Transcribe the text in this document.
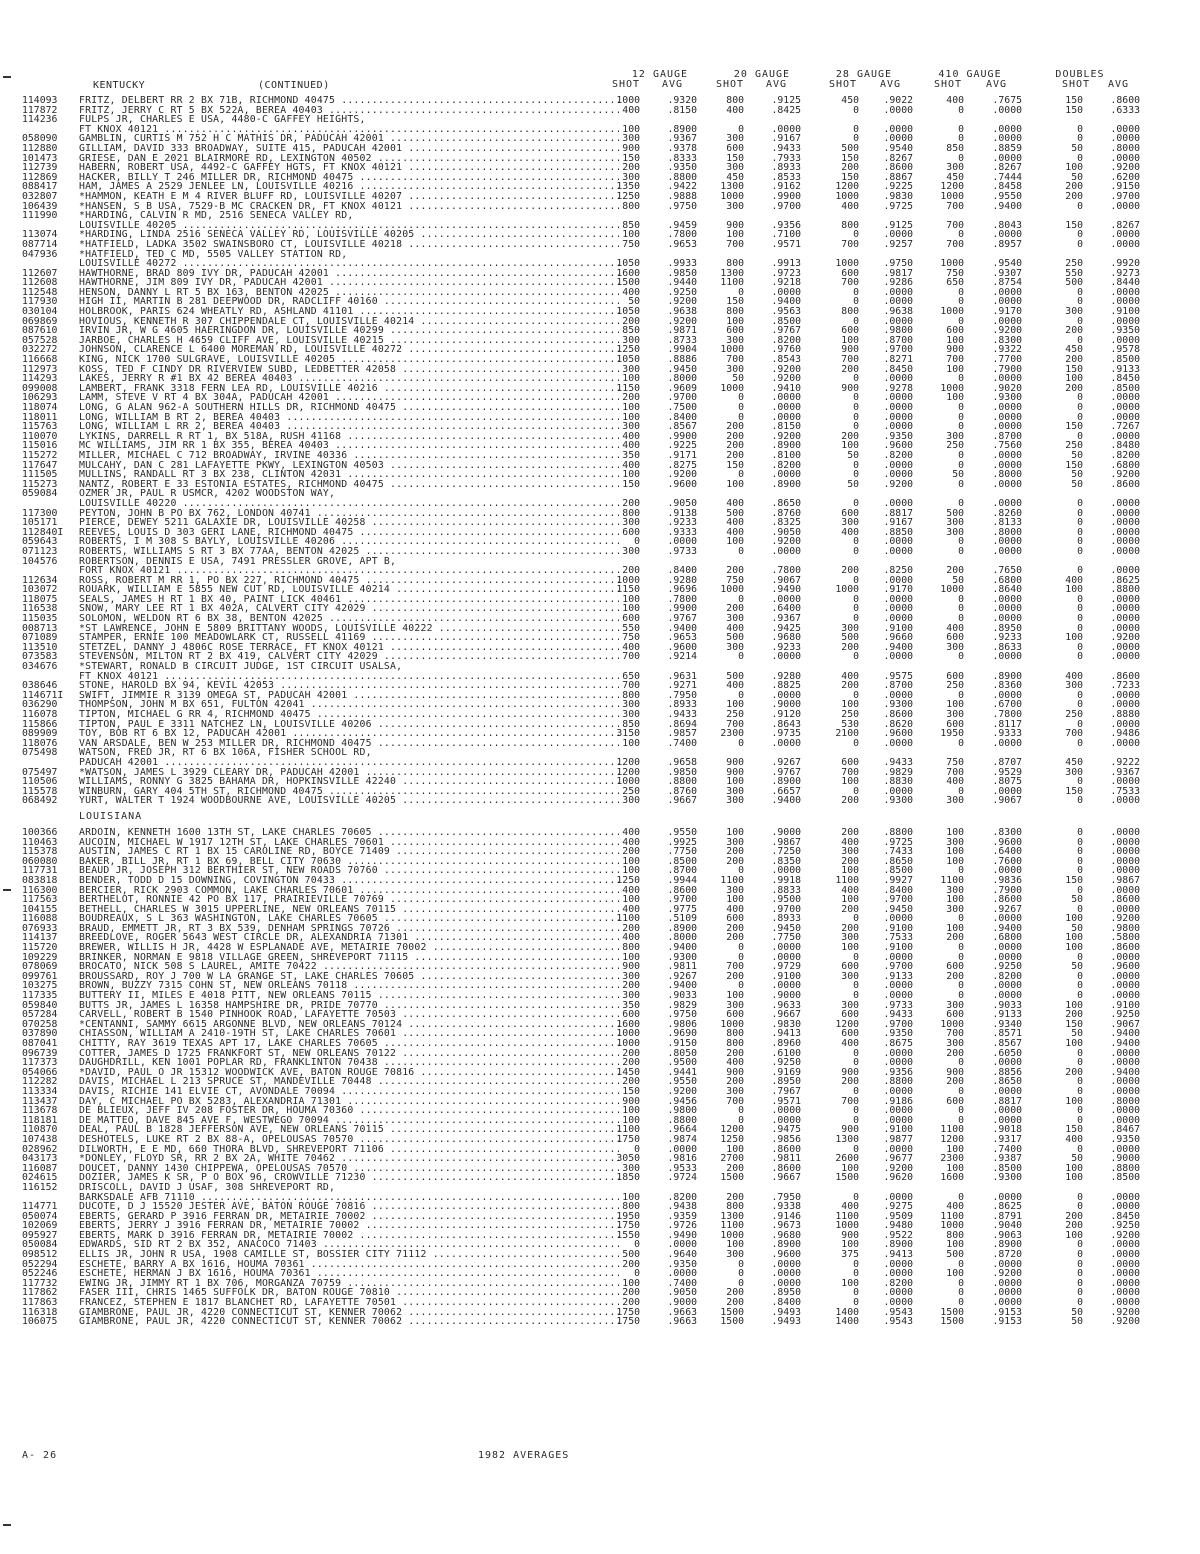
KENTUCKY	(CONTINUED)
12 GAUGE	20 GAUGE	28 GAUGE	410 GAUGE	DOUBLES
SHOT AVG	SHOT AVG	SHOT AVG	SHOT AVG	SHOT AVG
114093	FRITZ, DELBERT RR 2 BX 71B, RICHMOND 40475 .....	1000	.9320	800	.9125	450	.9022	400	.7675	150	.8600
117872	FRITZ, JERRY C RT 5 BX 522A, BEREA 40403 .....	400	.8150	400	.8425	0	.0000	0	.0000	150	.6333
114236	FULPS JR, CHARLES E USA, 4480-C GAFFEY HEIGHTS,
FT KNOX 40121 .....	100	.8900	0	.0000	0	.0000	0	.0000	0	.0000
058090	GAMBLIN, CURTIS M 752 H C MATHIS DR, PADUCAH 42001 .....	300	.9367	300	.9167	0	.0000	0	.0000	0	.0000
112880	GILLIAM, DAVID 333 BROADWAY, SUITE 415, PADUCAH 42001 .....	900	.9378	600	.9433	500	.9540	850	.8859	50	.8000
101473	GRIESE, DAN E 2021 BLAIRMORE RD, LEXINGTON 40502 .....	150	.8333	150	.7933	150	.8267	0	.0000	0	.0000
112739	HABERN, ROBERT USA, 4492-C GAFFEY HGTS, FT KNOX 40121 .....	200	.9350	300	.8933	200	.8600	300	.8267	100	.9200
112869	HACKER, BILLY T 246 MILLER DR, RICHMOND 40475 .....	300	.8800	450	.8533	150	.8867	450	.7444	50	.6200
088417	HAM, JAMES A 2529 JENLEE LN, LOUISVILLE 40216 .....	1350	.9422	1300	.9162	1200	.9225	1200	.8458	200	.9150
032807	*HAMMON, KEATH E M 4 RIVER BLUFF RD, LOUISVILLE 40207 .....	1250	.9888	1000	.9900	1000	.9830	1000	.9550	200	.9700
106439	*HANSEN, S B USA, 7529-B MC CRACKEN DR, FT KNOX 40121 .....	800	.9750	300	.9700	400	.9725	700	.9400	0	.0000
111990	*HARDING, CALVIN R MD, 2516 SENECA VALLEY RD,
LOUISVILLE 40205 .....	850	.9459	900	.9356	800	.9125	700	.8043	150	.8267
113074	*HARDING, LINDA 2516 SENECA VALLEY RD, LOUISVILLE 40205 .....	100	.7800	100	.7100	0	.0000	0	.0000	0	.0000
087714	*HATFIELD, LADKA 3502 SWAINSBORO CT, LOUISVILLE 40218 .....	750	.9653	700	.9571	700	.9257	700	.8957	0	.0000
047936	*HATFIELD, TED C MD, 5505 VALLEY STATION RD,
LOUISVILLE 40272 .....	1050	.9933	800	.9913	1000	.9750	1000	.9540	250	.9920
112607	HAWTHORNE, BRAD 809 IVY DR, PADUCAH 42001 .....	1600	.9850	1300	.9723	600	.9817	750	.9307	550	.9273
112608	HAWTHORNE, JIM 809 IVY DR, PADUCAH 42001 .....	1500	.9440	1100	.9218	700	.9286	650	.8754	500	.8440
112548	HENSON, DANNY L RT 5 BX 163, BENTON 42025 .....	400	.9250	0	.0000	0	.0000	0	.0000	0	.0000
117930	HIGH II, MARTIN B 281 DEEPWOOD DR, RADCLIFF 40160 .....	50	.9200	150	.9400	0	.0000	0	.0000	0	.0000
030104	HOLBROOK, PARIS 624 WHEATLY RD, ASHLAND 41101 .....	1050	.9638	800	.9563	800	.9638	1000	.9170	300	.9100
069869	HOVIOUS, KENNETH R 307 CHIPPENDALE CT, LOUISVILLE 40214 .....	200	.9200	100	.8500	0	.0000	0	.0000	0	.0000
087610	IRVIN JR, W G 4605 HAERINGDON DR, LOUISVILLE 40299 .....	850	.9871	600	.9767	600	.9800	600	.9200	200	.9350
057528	JARBOE, CHARLES H 4659 CLIFF AVE, LOUISVILLE 40215 .....	300	.8733	300	.8200	100	.8700	100	.8300	0	.0000
032272	JOHNSON, CLARENCE L 6400 MOREMAN RD, LOUISVILLE 40272 .....	1250	.9904	1000	.9760	900	.9700	900	.9322	450	.9578
116668	KING, NICK 1700 SULGRAVE, LOUISVILLE 40205 .....	1050	.8886	700	.8543	700	.8271	700	.7700	200	.8500
112973	KOSS, TED F CINDY DR RIVERVIEW SUBD, LEDBETTER 42058 .....	300	.9450	300	.9200	200	.8450	100	.7900	150	.9133
114293	LAKES, JERRY R #1 BX 42 BEREA 40403 .....	100	.8000	50	.9200	0	.0000	0	.0000	100	.8450
099008	LAMBERT, FRANK 3318 FERN LEA RD, LOUISVILLE 40216 .....	1150	.9609	1000	.9410	900	.9278	1000	.9020	200	.8500
106293	LAMM, STEVE V RT 4 BX 304A, PADUCAH 42001 .....	200	.9700	0	.0000	0	.0000	100	.9300	0	.0000
118074	LONG, G ALAN 962-A SOUTHERN HILLS DR, RICHMOND 40475 .....	100	.7500	0	.0000	0	.0000	0	.0000	0	.0000
118011	LONG, WILLIAM B RT 2, BEREA 40403 .....	100	.8400	0	.0000	0	.0000	0	.0000	0	.0000
115763	LONG, WILLIAM L RR 2, BEREA 40403 .....	300	.8567	200	.8150	0	.0000	0	.0000	150	.7267
110070	LYKINS, DARRELL R RT 1, BX 518A, RUSH 41168 .....	400	.9900	200	.9200	200	.9350	300	.8700	0	.0000
115016	MC WILLIAMS, JIM RR 1 BX 355, BEREA 40403 .....	400	.9225	200	.8900	100	.9600	250	.7560	250	.8480
115272	MILLER, MICHAEL C 712 BROADWAY, IRVINE 40336 .....	350	.9171	200	.8100	50	.8200	0	.0000	50	.8200
117647	MULCAHY, DAN C 281 LAFAYETTE PKWY, LEXINGTON 40503 .....	400	.8275	150	.8200	0	.0000	0	.0000	150	.6800
111505	MULLINS, RANDALL RT 3 BX 238, CLINTON 42031 .....	100	.9200	0	.0000	0	.0000	50	.8000	50	.9200
115273	NANTZ, ROBERT E 33 ESTONIA ESTATES, RICHMOND 40475 .....	150	.9600	100	.8900	50	.9200	0	.0000	50	.8600
059084	OZMER JR, PAUL R USMCR, 4202 WOODSTON WAY,
LOUISVILLE 40220 .....	200	.9050	400	.8650	0	.0000	0	.0000	0	.0000
117300	PEYTON, JOHN B PO BX 762, LONDON 40741 .....	800	.9138	500	.8760	600	.8817	500	.8260	0	.0000
105171	PIERCE, DEWEY 5211 GALAXIE DR, LOUISVILLE 40258 .....	300	.9233	400	.8325	300	.9167	300	.8133	0	.0000
112840I	REEVES, LOUIS D 303 GERI LANE, RICHMOND 40475 .....	600	.9333	400	.9050	400	.8850	300	.8000	0	.0000
059643	ROBERTS, I M 308 S BAYLY, LOUISVILLE 40206 .....	0	.0000	100	.9200	0	.0000	0	.0000	0	.0000
071123	ROBERTS, WILLIAMS S RT 3 BX 77AA, BENTON 42025 .....	300	.9733	0	.0000	0	.0000	0	.0000	0	.0000
104576	ROBERTSON, DENNIS E USA, 7491 PRESSLER GROVE, APT B,
FORT KNOX 40121 .....	200	.8400	200	.7800	200	.8250	200	.7650	0	.0000
112634	ROSS, ROBERT M RR 1, PO BX 227, RICHMOND 40475 .....	1000	.9280	750	.9067	0	.0000	50	.6800	400	.8625
103072	ROUARK, WILLIAM E 5855 NEW CUT RD, LOUISVILLE 40214 .....	1150	.9696	1000	.9490	1000	.9170	1000	.8640	100	.8800
118075	SEALS, JAMES H RT 1 BX 40, PAINT LICK 40461 .....	100	.7800	0	.0000	0	.0000	0	.0000	0	.0000
116538	SNOW, MARY LEE RT 1 BX 402A, CALVERT CITY 42029 .....	100	.9900	200	.6400	0	.0000	0	.0000	0	.0000
115035	SOLOMON, WELDON RT 6 BX 38, BENTON 42025 .....	600	.9767	300	.9367	0	.0000	0	.0000	0	.0000
008713	*ST LAWRENCE, JOHN E 5809 BRITTANY WOODS, LOUISVILLE 40222 .....	550	.9400	400	.9425	300	.9100	400	.8950	0	.0000
071089	STAMPER, ERNIE 100 MEADOWLARK CT, RUSSELL 41169 .....	750	.9653	500	.9680	500	.9660	600	.9233	100	.9200
113510	STETZEL, DANNY J 4806C ROSE TERRACE, FT KNOX 40121 .....	400	.9600	300	.9233	200	.9400	300	.8633	0	.0000
073583	STEVENSON, MILTON RT 2 BX 419, CALVERT CITY 42029 .....	700	.9214	0	.0000	0	.0000	0	.0000	0	.0000
034676	*STEWART, RONALD B CIRCUIT JUDGE, 1ST CIRCUIT USALSA,
FT KNOX 40121 .....	650	.9631	500	.9280	400	.9575	600	.8900	400	.8600
038646	STONE, HAROLD BX 94, KEVIL 42053 .....	700	.9271	400	.8825	200	.8700	250	.8360	300	.7233
114671I	SWIFT, JIMMIE R 3139 OMEGA ST, PADUCAH 42001 .....	800	.7950	0	.0000	0	.0000	0	.0000	0	.0000
036290	THOMPSON, JOHN M BX 651, FULTON 42041 .....	300	.8933	100	.9000	100	.9300	100	.6700	0	.0000
116078	TIPTON, MICHAEL G RR 4, RICHMOND 40475 .....	300	.9433	250	.9120	250	.8600	300	.7800	250	.8880
115866	TIPTON, PAUL E 3311 NATCHEZ LN, LOUISVILLE 40206 .....	850	.8694	700	.8643	530	.8620	600	.8117	0	.0000
089909	TOY, BOB RT 6 BX 12, PADUCAH 42001 .....	3150	.9857	2300	.9735	2100	.9600	1950	.9333	700	.9486
118076	VAN ARSDALE, BEN W 253 MILLER DR, RICHMOND 40475 .....	100	.7400	0	.0000	0	.0000	0	.0000	0	.0000
075498	WATSON, FRED JR, RT 6 BX 106A, FISHER SCHOOL RD,
PADUCAH 42001 .....	1200	.9658	900	.9267	600	.9433	750	.8707	450	.9222
075497	*WATSON, JAMES L 3929 CLEARY DR, PADUCAH 42001 .....	1200	.9850	900	.9767	700	.9829	700	.9529	300	.9367
110506	WILLIAMS, RONNY G 3825 BAHAMA DR, HOPKINSVILLE 42240 .....	1000	.8800	100	.8900	100	.8830	400	.8075	0	.0000
115578	WINBURN, GARY 404 5TH ST, RICHMOND 40475 .....	250	.8760	300	.6657	0	.0000	0	.0000	150	.7533
068492	YURT, WALTER T 1924 WOODBOURNE AVE, LOUISVILLE 40205 .....	300	.9667	300	.9400	200	.9300	300	.9067	0	.0000
LOUISIANA
100366	ARDOIN, KENNETH 1600 13TH ST, LAKE CHARLES 70605 .....	400	.9550	100	.9000	200	.8800	100	.8300	0	.0000
110463	AUCOIN, MICHAEL W 1917 12TH ST, LAKE CHARLES 70601 .....	400	.9925	300	.9867	400	.9725	300	.9600	0	.0000
115378	AUSTIN, JAMES C RT 1 BX 15 CAROLINE RD, BOYCE 71409 .....	200	.7750	200	.7250	300	.7433	100	.6400	0	.0000
060080	BAKER, BILL JR, RT 1 BX 69, BELL CITY 70630 .....	100	.8500	200	.8350	200	.8650	100	.7600	0	.0000
117731	BEAUD JR, JOSEPH 312 BERTHIER ST, NEW ROADS 70760 .....	100	.8700	0	.0000	100	.8500	0	.0000	0	.0000
083818	BENDER, TODD D 15 DOWNING, COVINGTON 70433 .....	1250	.9944	1100	.9918	1100	.9927	1100	.9836	150	.9867
116300	BERCIER, RICK 2903 COMMON, LAKE CHARLES 70601 .....	400	.8600	300	.8833	400	.8400	300	.7900	0	.0000
117563	BERTHELOT, RONNIE 42 PO BX 117, PRAIRIEVILLE 70769 .....	100	.9700	100	.9500	100	.9700	100	.8600	50	.8600
104155	BETHELL, CHARLES W 3015 UPPERLINE, NEW ORLEANS 70115 .....	400	.9775	400	.9700	200	.9450	300	.9267	0	.0000
116088	BOUDREAUX, S L 363 WASHINGTON, LAKE CHARLES 70605 .....	1100	.5109	600	.8933	0	.0000	0	.0000	100	.9200
076933	BRAUD, EMMETT JR, RT 3 BX 539, DENHAM SPRINGS 70726 .....	200	.8900	200	.9450	200	.9100	100	.9400	50	.9800
114137	BREEDLOVE, ROGER 5643 WEST CIRCLE DR, ALEXANDRIA 71301 .....	400	.8000	200	.7750	300	.7533	200	.6800	100	.5800
115720	BREWER, WILLIS H JR, 4428 W ESPLANADE AVE, METAIRIE 70002 .....	800	.9400	0	.0000	100	.9100	0	.0000	100	.8600
109229	BRINKER, NORMAN E 9818 VILLAGE GREEN, SHREVEPORT 71115 .....	100	.9300	0	.0000	0	.0000	0	.0000	0	.0000
078069	BROCATO, NICK 508 S LAUREL, AMITE 70422 .....	900	.9811	700	.9729	600	.9700	600	.9250	50	.9600
099761	BROUSSARD, ROY J 700 W LA GRANGE ST, LAKE CHARLES 70605 .....	300	.9267	200	.9100	300	.9133	200	.8200	0	.0000
103275	BROWN, BUZZY 7315 COHN ST, NEW ORLEANS 70118 .....	200	.9400	0	.0000	0	.0000	0	.0000	0	.0000
117335	BUTTERY II, MILES E 4018 PITT, NEW ORLEANS 70115 .....	300	.9033	100	.9000	0	.0000	0	.0000	0	.0000
059840	BUTTS JR, JAMES L 16358 HAMPSHIRE DR, PRIDE 70770 .....	350	.9829	300	.9633	300	.9733	300	.9033	100	.9100
057284	CARVELL, ROBERT B 1540 PINHOOK ROAD, LAFAYETTE 70503 .....	600	.9750	600	.9667	600	.9433	600	.9133	200	.9250
070258	*CENTANNI, SAMMY 6615 ARGONNE BLVD, NEW ORLEANS 70124 .....	1600	.9806	1000	.9830	1200	.9700	1000	.9340	150	.9067
037890	CHIASSON, WILLIAM A 2410-19TH ST, LAKE CHARLES 70601 .....	1000	.9690	800	.9413	600	.9350	700	.8571	50	.9400
087041	CHITTY, RAY 3619 TEXAS APT 17, LAKE CHARLES 70605 .....	1000	.9150	800	.8960	400	.8675	300	.8567	100	.9400
096739	COTTER, JAMES D 1725 FRANKFORT ST, NEW ORLEANS 70122 .....	200	.8050	200	.6100	0	.0000	200	.6050	0	.0000
117373	DAUGHDRILL, KEN 1001 POPLAR RD, FRANKLINTON 70438 .....	200	.9500	400	.9250	0	.0000	0	.0000	0	.0000
054066	*DAVID, PAUL O JR 15312 WOODWICK AVE, BATON ROUGE 70816 .....	1450	.9441	900	.9169	900	.9356	900	.8856	200	.9400
112282	DAVIS, MICHAEL L 213 SPRUCE ST, MANDEVILLE 70448 .....	200	.9550	200	.8950	200	.8800	200	.8650	0	.0000
113334	DAVIS, RICHIE 141 ELVIE CT, AVONDALE 70094 .....	150	.9200	300	.7967	0	.0000	0	.0000	0	.0000
113437	DAY, C MICHAEL PO BX 5283, ALEXANDRIA 71301 .....	900	.9456	700	.9571	700	.9186	600	.8817	100	.8000
113678	DE BLIEUX, JEFF IV 208 FOSTER DR, HOUMA 70360 .....	100	.9800	0	.0000	0	.0000	0	.0000	0	.0000
118181	DE MATTEO, DAVE 845 AVE F, WESTWEGO 70094 .....	100	.8800	0	.0000	0	.0000	0	.0000	0	.0000
110870	DEAL, PAUL B 1828 JEFFERSON AVE, NEW ORLEANS 70115 .....	1100	.9664	1200	.9475	900	.9100	1100	.9018	150	.8467
107438	DESHOTELS, LUKE RT 2 BX 88-A, OPELOUSAS 70570 .....	1750	.9874	1250	.9856	1300	.9877	1200	.9317	400	.9350
028962	DILWORTH, E E MD, 660 THORA BLVD, SHREVEPORT 71106 .....	0	.0000	100	.8600	0	.0000	100	.7400	0	.0000
043173	*DONLEY, FLOYD SR, RR 2 BX 2A, WHITE 70462 .....	3050	.9816	2700	.9811	2600	.9677	2300	.9387	50	.9000
116087	DOUCET, DANNY 1430 CHIPPEWA, OPELOUSAS 70570 .....	300	.9533	200	.8600	100	.9200	100	.8500	100	.8800
024615	DOZIER, JAMES K SR, P O BOX 96, CROWVILLE 71230 .....	1850	.9724	1500	.9667	1500	.9620	1600	.9300	100	.8500
116152	DRISCOLL, DAVID J USAF, 308 SHREVEPORT RD,
BARKSDALE AFB 71110 .....	100	.8200	200	.7950	0	.0000	0	.0000	0	.0000
114771	DUCOTE, D J 15520 JESTER AVE, BATON ROUGE 70816 .....	800	.9438	800	.9338	400	.9275	400	.8625	0	.0000
050074	EBERTS, GERARD P 3916 FERRAN DR, METAIRIE 70002 .....	1950	.9359	1300	.9146	1100	.9509	1100	.8791	200	.8450
102069	EBERTS, JERRY J 3916 FERRAN DR, METAIRIE 70002 .....	1750	.9726	1100	.9673	1000	.9480	1000	.9040	200	.9250
095927	EBERTS, MARK D 3916 FERRAN DR, METAIRIE 70002 .....	1550	.9490	1000	.9680	900	.9522	800	.9063	100	.9200
050084	EDWARDS, SID RT 2 BX 352, ANACOCO 71403 .....	0	.0000	100	.8900	100	.8900	100	.8900	0	.0000
098512	ELLIS JR, JOHN R USA, 1908 CAMILLE ST, BOSSIER CITY 71112 .....	500	.9640	300	.9600	375	.9413	500	.8720	0	.0000
052294	ESCHETE, BARRY A BX 1616, HOUMA 70361 .....	200	.9350	0	.0000	0	.0000	0	.0000	0	.0000
052246	ESCHETE, HERMAN J BX 1616, HOUMA 70361 .....	0	.0000	0	.0000	0	.0000	100	.9200	0	.0000
117732	EWING JR, JIMMY RT 1 BX 706, MORGANZA 70759 .....	100	.7400	0	.0000	100	.8200	0	.0000	0	.0000
117862	FASER III, CHRIS 1465 SUFFOLK DR, BATON ROUGE 70810 .....	200	.9050	200	.8950	0	.0000	0	.0000	0	.0000
117863	FRANCEZ, STEPHEN E 1817 BLANCHET RD, LAFAYETTE 70501 .....	200	.9000	200	.8400	0	.0000	0	.0000	0	.0000
116318	GIAMBRONE, PAUL JR, 4220 CONNECTICUT ST, KENNER 70062 .....	1750	.9663	1500	.9493	1400	.9543	1500	.9153	50	.9200
106075	GIAMBRONE, PAUL JR, 4220 CONNECTICUT ST, KENNER 70062 .....	1750	.9663	1500	.9493	1400	.9543	1500	.9153	50	.9200
A- 26	1982 AVERAGES
